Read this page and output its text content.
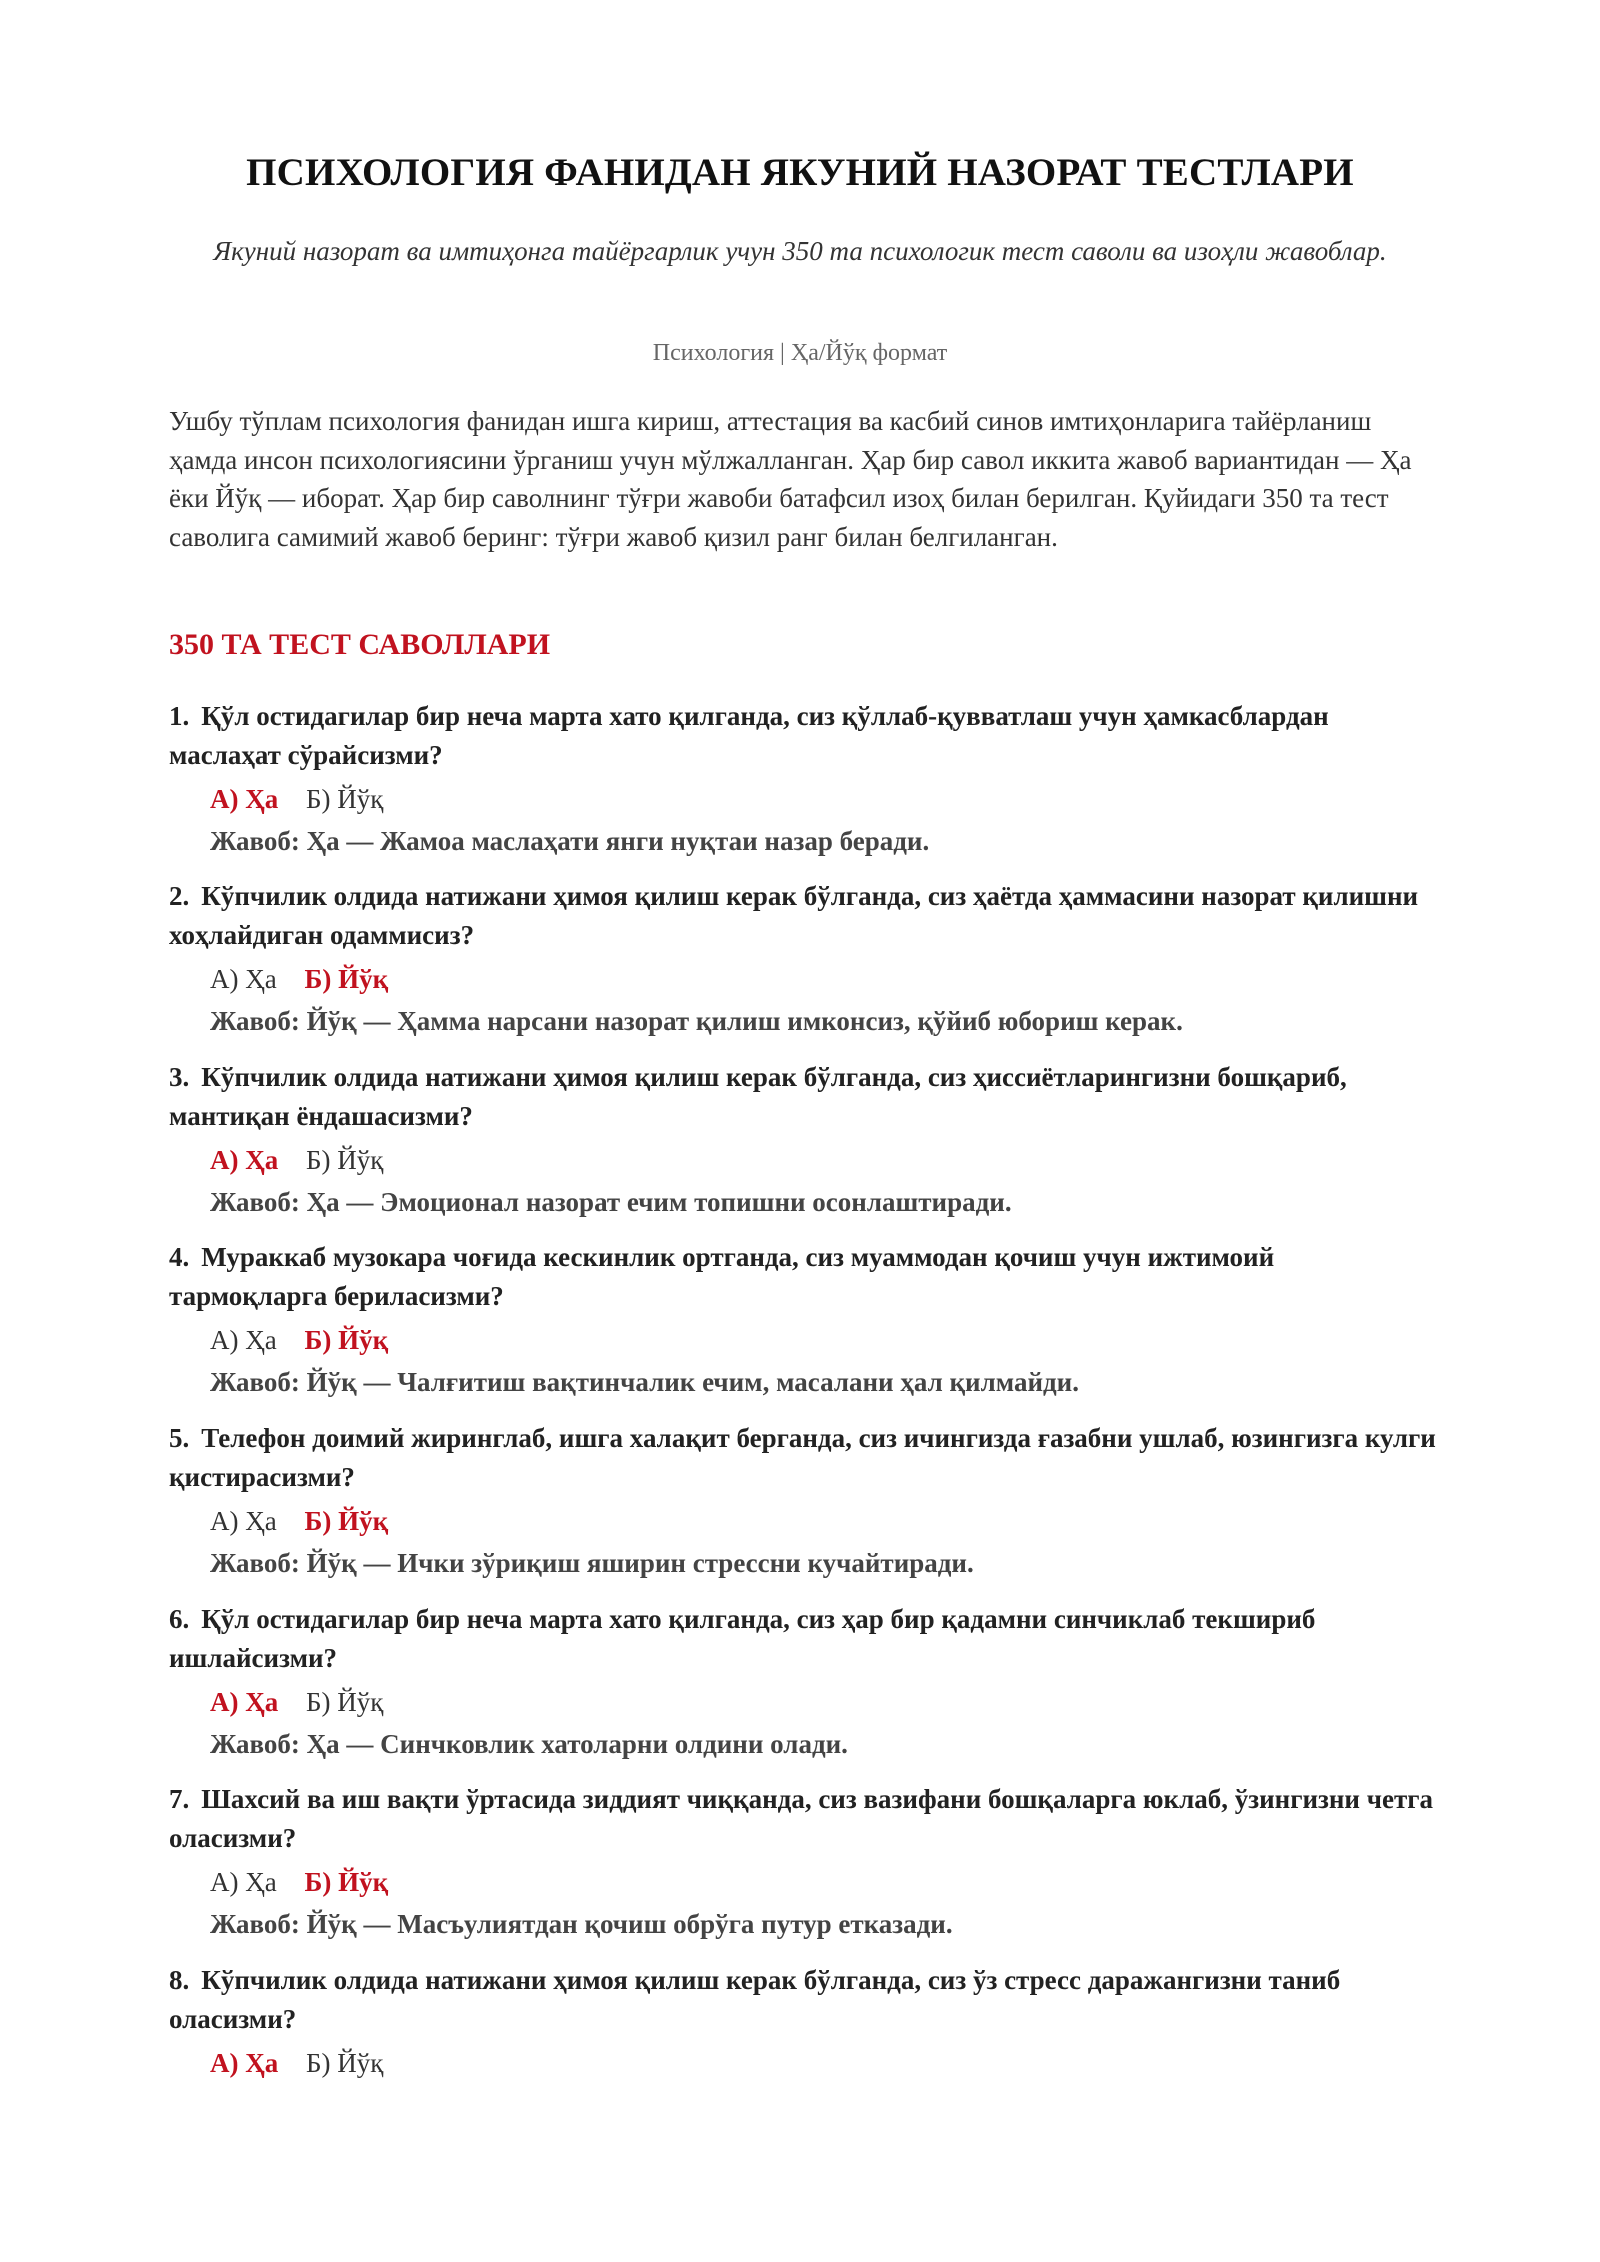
ПСИХОЛОГИЯ ФАНИДАН ЯКУНИЙ НАЗОРАТ ТЕСТЛАРИ
Якуний назорат ва имтиҳонга тайёргарлик учун 350 та психологик тест саволи ва изоҳли жавоблар.
Психология | Ҳа/Йўқ формат
Ушбу тўплам психология фанидан ишга кириш, аттестация ва касбий синов имтиҳонларига тайёрланиш ҳамда инсон психологиясини ўрганиш учун мўлжалланган. Ҳар бир савол иккита жавоб вариантидан — Ҳа ёки Йўқ — иборат. Ҳар бир саволнинг тўғри жавоби батафсил изоҳ билан берилган. Қуйидаги 350 та тест саволига самимий жавоб беринг: тўғри жавоб қизил ранг билан белгиланган.
350 ТА ТЕСТ САВОЛЛАРИ
1. Қўл остидагилар бир неча марта хато қилганда, сиз қўллаб-қувватлаш учун ҳамкасблардан маслаҳат сўрайсизми?
А) Ҳа Б) Йўқ
Жавоб: Ҳа — Жамоа маслаҳати янги нуқтаи назар беради.
2. Кўпчилик олдида натижани ҳимоя қилиш керак бўлганда, сиз ҳаётда ҳаммасини назорат қилишни хоҳлайдиган одаммисиз?
А) Ҳа Б) Йўқ
Жавоб: Йўқ — Ҳамма нарсани назорат қилиш имконсиз, қўйиб юбориш керак.
3. Кўпчилик олдида натижани ҳимоя қилиш керак бўлганда, сиз ҳиссиётларингизни бошқариб, мантиқан ёндашасизми?
А) Ҳа Б) Йўқ
Жавоб: Ҳа — Эмоционал назорат ечим топишни осонлаштиради.
4. Мураккаб музокара чоғида кескинлик ортганда, сиз муаммодан қочиш учун ижтимоий тармоқларга бериласизми?
А) Ҳа Б) Йўқ
Жавоб: Йўқ — Чалғитиш вақтинчалик ечим, масалани ҳал қилмайди.
5. Телефон доимий жиринглаб, ишга халақит берганда, сиз ичингизда ғазабни ушлаб, юзингизга кулги қистирасизми?
А) Ҳа Б) Йўқ
Жавоб: Йўқ — Ички зўриқиш яширин стрессни кучайтиради.
6. Қўл остидагилар бир неча марта хато қилганда, сиз ҳар бир қадамни синчиклаб текшириб ишлайсизми?
А) Ҳа Б) Йўқ
Жавоб: Ҳа — Синчковлик хатоларни олдини олади.
7. Шахсий ва иш вақти ўртасида зиддият чиққанда, сиз вазифани бошқаларга юклаб, ўзингизни четга оласизми?
А) Ҳа Б) Йўқ
Жавоб: Йўқ — Масъулиятдан қочиш обрўга путур етказади.
8. Кўпчилик олдида натижани ҳимоя қилиш керак бўлганда, сиз ўз стресс даражангизни таниб оласизми?
А) Ҳа Б) Йўқ
